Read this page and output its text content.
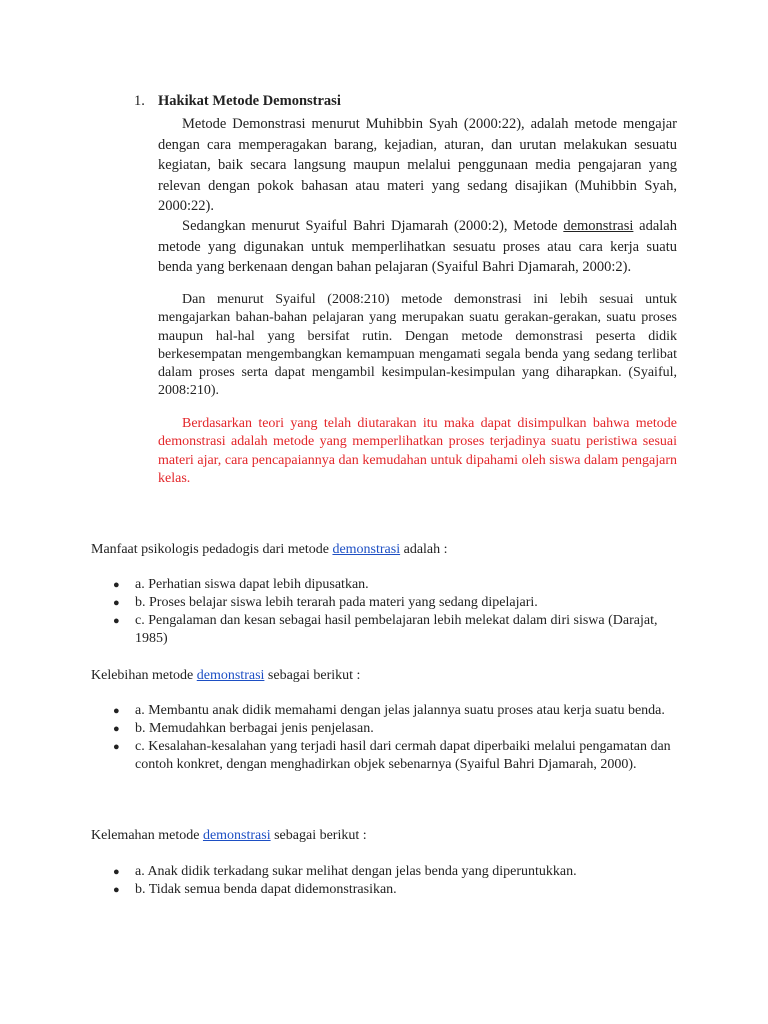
1. Hakikat Metode Demonstrasi

Metode Demonstrasi menurut Muhibbin Syah (2000:22), adalah metode mengajar dengan cara memperagakan barang, kejadian, aturan, dan urutan melakukan sesuatu kegiatan, baik secara langsung maupun melalui penggunaan media pengajaran yang relevan dengan pokok bahasan atau materi yang sedang disajikan (Muhibbin Syah, 2000:22).

Sedangkan menurut Syaiful Bahri Djamarah (2000:2), Metode demonstrasi adalah metode yang digunakan untuk memperlihatkan sesuatu proses atau cara kerja suatu benda yang berkenaan dengan bahan pelajaran (Syaiful Bahri Djamarah, 2000:2).

Dan menurut Syaiful (2008:210) metode demonstrasi ini lebih sesuai untuk mengajarkan bahan-bahan pelajaran yang merupakan suatu gerakan-gerakan, suatu proses maupun hal-hal yang bersifat rutin. Dengan metode demonstrasi peserta didik berkesempatan mengembangkan kemampuan mengamati segala benda yang sedang terlibat dalam proses serta dapat mengambil kesimpulan-kesimpulan yang diharapkan. (Syaiful, 2008:210).

Berdasarkan teori yang telah diutarakan itu maka dapat disimpulkan bahwa metode demonstrasi adalah metode yang memperlihatkan proses terjadinya suatu peristiwa sesuai materi ajar, cara pencapaiannya dan kemudahan untuk dipahami oleh siswa dalam pengajarn kelas.

Manfaat psikologis pedadogis dari metode demonstrasi adalah :

● a. Perhatian siswa dapat lebih dipusatkan.
● b. Proses belajar siswa lebih terarah pada materi yang sedang dipelajari.
● c. Pengalaman dan kesan sebagai hasil pembelajaran lebih melekat dalam diri siswa (Darajat, 1985)

Kelebihan metode demonstrasi sebagai berikut :

● a. Membantu anak didik memahami dengan jelas jalannya suatu proses atau kerja suatu benda.
● b. Memudahkan berbagai jenis penjelasan.
● c. Kesalahan-kesalahan yang terjadi hasil dari cermah dapat diperbaiki melalui pengamatan dan contoh konkret, dengan menghadirkan objek sebenarnya (Syaiful Bahri Djamarah, 2000).

Kelemahan metode demonstrasi sebagai berikut :

● a. Anak didik terkadang sukar melihat dengan jelas benda yang diperuntukkan.
● b. Tidak semua benda dapat didemonstrasikan.
